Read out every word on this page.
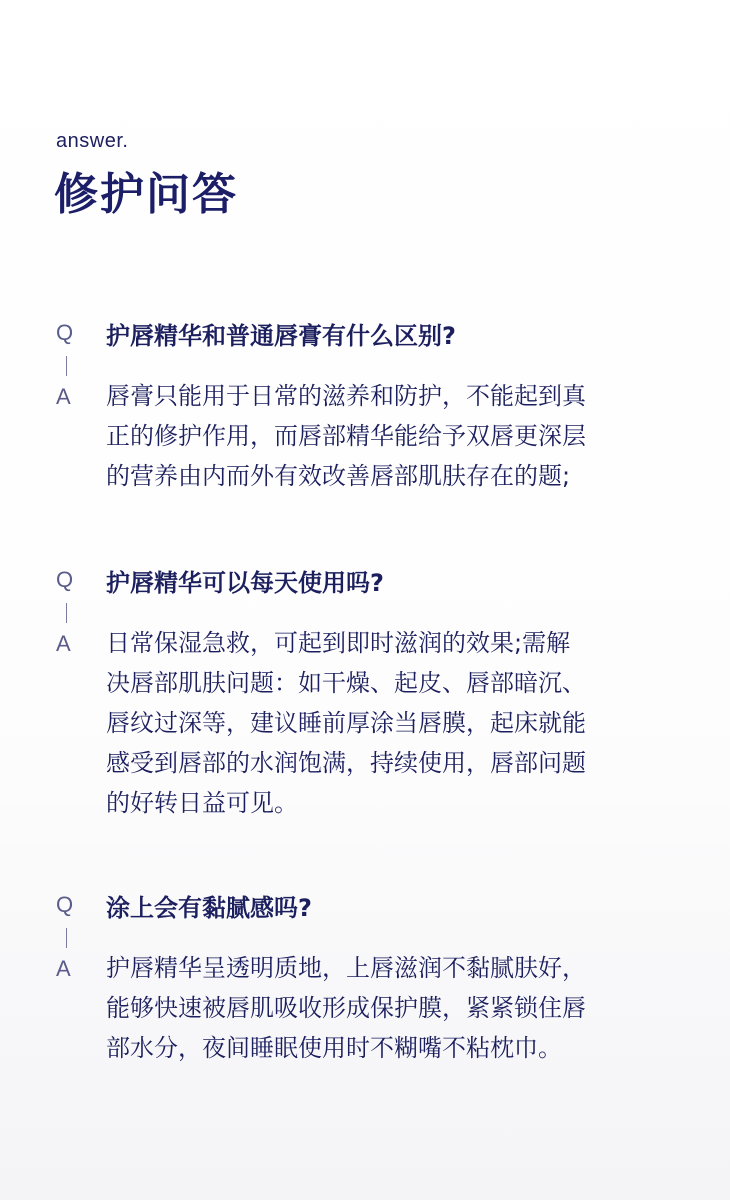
answer.
修护问答
Q 护唇精华和普通唇膏有什么区别?
A 唇膏只能用于日常的滋养和防护，不能起到真
正的修护作用，而唇部精华能给予双唇更深层
的营养由内而外有效改善唇部肌肤存在的题;
Q 护唇精华可以每天使用吗?
A 日常保湿急救，可起到即时滋润的效果;需解
决唇部肌肤问题：如干燥、起皮、唇部暗沉、
唇纹过深等，建议睡前厚涂当唇膜，起床就能
感受到唇部的水润饱满，持续使用，唇部问题
的好转日益可见。
Q 涂上会有黏腻感吗?
A 护唇精华呈透明质地，上唇滋润不黏腻肤好，
能够快速被唇肌吸收形成保护膜，紧紧锁住唇
部水分，夜间睡眠使用时不糊嘴不粘枕巾。
